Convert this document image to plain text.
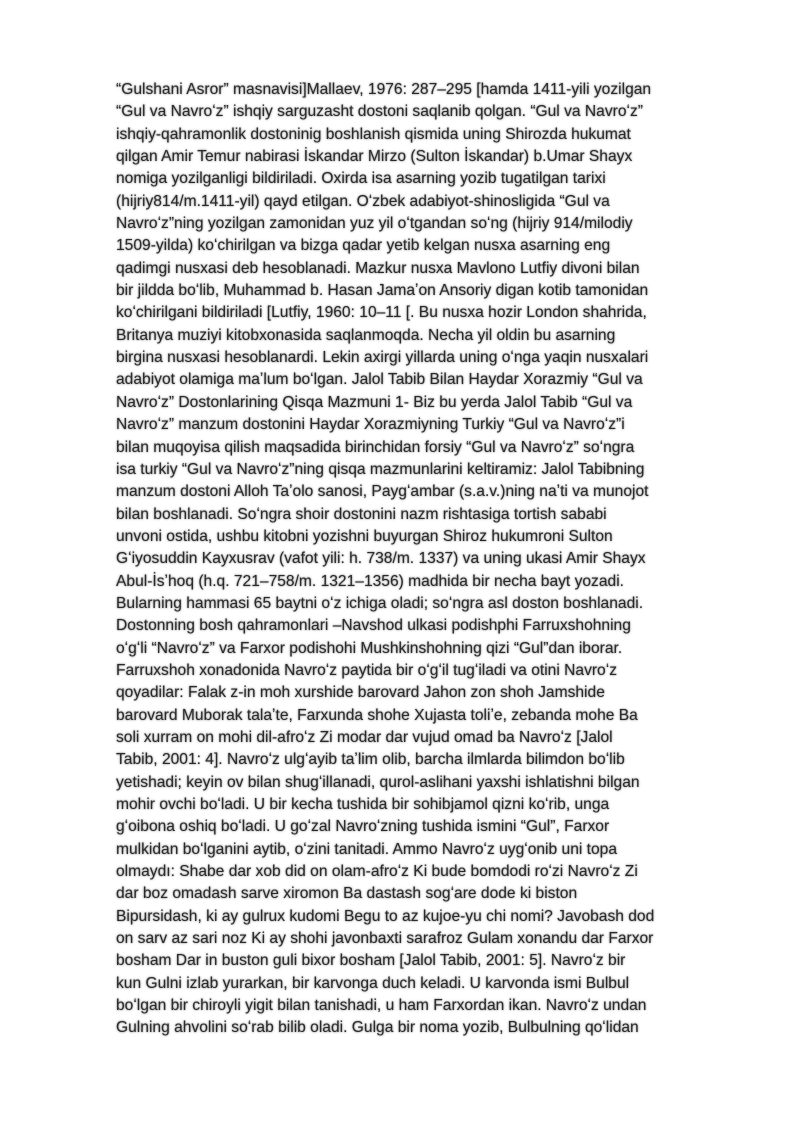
“Gulshani Asror” masnavisi]Mallaev, 1976: 287–295 [hamda 1411-yili yozilgan

“Gul va Navroʻz” ishqiy sarguzasht dostoni saqlanib qolgan. “Gul va Navroʻz”

ishqiy-qahramonlik dostoninig boshlanish qismida uning Shirozda hukumat

qilgan Amir Temur nabirasi İskandar Mirzo (Sulton İskandar) b.Umar Shayx

nomiga yozilganligi bildiriladi. Oxirda isa asarning yozib tugatilgan tarixi

(hijriy814/m.1411-yil) qayd etilgan. Oʻzbek adabiyot-shinosligida “Gul va

Navroʻz”ning yozilgan zamonidan yuz yil oʻtgandan soʻng (hijriy 914/milodiy

1509-yilda) koʻchirilgan va bizga qadar yetib kelgan nusxa asarning eng

qadimgi nusxasi deb hesoblanadi. Mazkur nusxa Mavlono Lutfiy divoni bilan

bir jildda boʻlib, Muhammad b. Hasan Jamaʼon Ansoriy digan kotib tamonidan

koʻchirilgani bildiriladi [Lutfiy, 1960: 10–11 [. Bu nusxa hozir London shahrida,

Britanya muziyi kitobxonasida saqlanmoqda. Necha yil oldin bu asarning

birgina nusxasi hesoblanardi. Lekin axirgi yillarda uning oʻnga yaqin nusxalari

adabiyot olamiga maʼlum boʻlgan. Jalol Tabib Bilan Haydar Xorazmiy “Gul va

Navroʻz” Dostonlarining Qisqa Mazmuni 1- Biz bu yerda Jalol Tabib “Gul va

Navroʻz” manzum dostonini Haydar Xorazmiyning Turkiy “Gul va Navroʻz”i

bilan muqoyisa qilish maqsadida birinchidan forsiy “Gul va Navroʻz” soʻngra

isa turkiy “Gul va Navroʻz”ning qisqa mazmunlarini keltiramiz: Jalol Tabibning

manzum dostoni Alloh Taʼolo sanosi, Paygʻambar (s.a.v.)ning naʼti va munojot

bilan boshlanadi. Soʻngra shoir dostonini nazm rishtasiga tortish sababi

unvoni ostida, ushbu kitobni yozishni buyurgan Shiroz hukumroni Sulton

Gʻiyosuddin Kayxusrav (vafot yili: h. 738/m. 1337) va uning ukasi Amir Shayx

Abul-İsʼhoq (h.q. 721–758/m. 1321–1356) madhida bir necha bayt yozadi.

Bularning hammasi 65 baytni oʻz ichiga oladi; soʻngra asl doston boshlanadi.

Dostonning bosh qahramonlari –Navshod ulkasi podishphi Farruxshohning

oʻgʻli “Navroʻz” va Farxor podishohi Mushkinshohning qizi “Gul”dan iborar.

Farruxshoh xonadonida Navroʻz paytida bir oʻgʻil tugʻiladi va otini Navroʻz

qoyadilar: Falak z-in moh xurshide barovard Jahon zon shoh Jamshide

barovard Muborak talaʼte, Farxunda shohe Xujasta toliʼe, zebanda mohe Ba

soli xurram on mohi dil-afroʻz Zi modar dar vujud omad ba Navroʻz [Jalol

Tabib, 2001: 4]. Navroʻz ulgʻayib taʼlim olib, barcha ilmlarda bilimdon boʻlib

yetishadi; keyin ov bilan shugʻillanadi, qurol-aslihani yaxshi ishlatishni bilgan

mohir ovchi boʻladi. U bir kecha tushida bir sohibjamol qizni koʻrib, unga

gʻoibona oshiq boʻladi. U goʻzal Navroʻzning tushida ismini “Gul”, Farxor

mulkidan boʻlganini aytib, oʻzini tanitadi. Ammo Navroʻz uygʻonib uni topa

olmaydı: Shabe dar xob did on olam-afroʻz Ki bude bomdodi roʻzi Navroʻz Zi

dar boz omadash sarve xiromon Ba dastash sogʻare dode ki biston

Bipursidash, ki ay gulrux kudomi Begu to az kujoe-yu chi nomi? Javobash dod

on sarv az sari noz Ki ay shohi javonbaxti sarafroz Gulam xonandu dar Farxor

bosham Dar in buston guli bixor bosham [Jalol Tabib, 2001: 5]. Navroʻz bir

kun Gulni izlab yurarkan, bir karvonga duch keladi. U karvonda ismi Bulbul

boʻlgan bir chiroyli yigit bilan tanishadi, u ham Farxordan ikan. Navroʻz undan

Gulning ahvolini soʻrab bilib oladi. Gulga bir noma yozib, Bulbulning qoʻlidan
